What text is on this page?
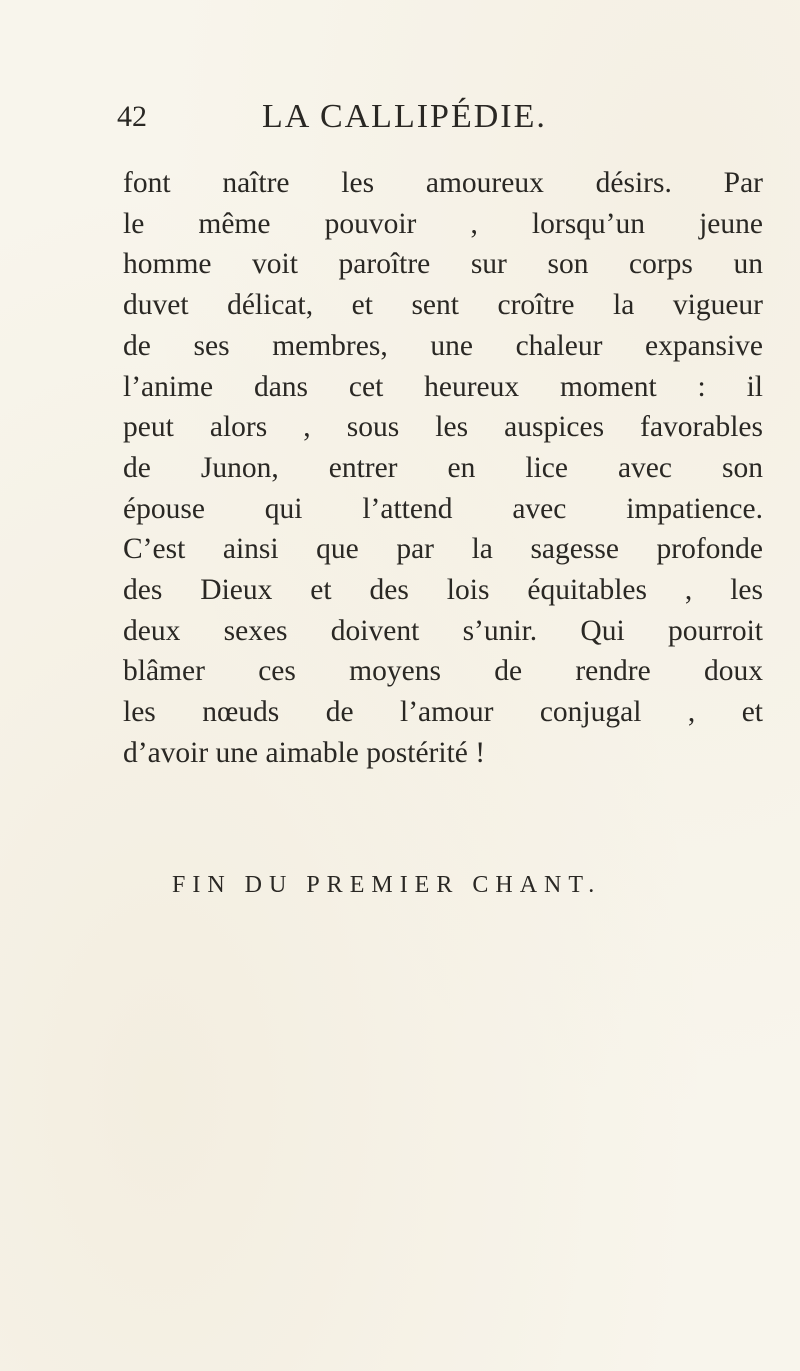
42	LA CALLIPÉDIE.
font naître les amoureux désirs. Par
le même pouvoir , lorsqu’un jeune
homme voit paroître sur son corps un
duvet délicat, et sent croître la vigueur
de ses membres, une chaleur expansive
l’anime dans cet heureux moment : il
peut alors , sous les auspices favorables
de Junon, entrer en lice avec son
épouse qui l’attend avec impatience.
C’est ainsi que par la sagesse profonde
des Dieux et des lois équitables , les
deux sexes doivent s’unir. Qui pourroit
blâmer ces moyens de rendre doux
les nœuds de l’amour conjugal , et
d’avoir une aimable postérité !
FIN DU PREMIER CHANT.
